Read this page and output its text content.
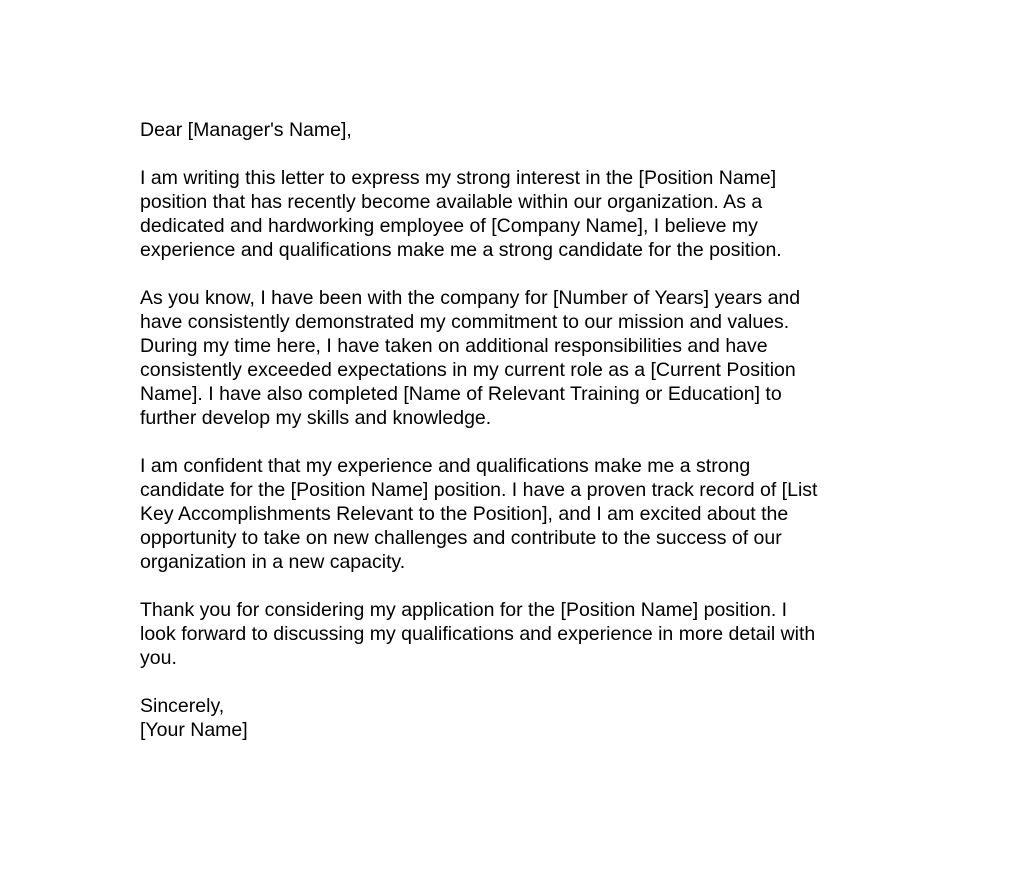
Dear [Manager's Name],
I am writing this letter to express my strong interest in the [Position Name]
position that has recently become available within our organization. As a
dedicated and hardworking employee of [Company Name], I believe my
experience and qualifications make me a strong candidate for the position.
As you know, I have been with the company for [Number of Years] years and
have consistently demonstrated my commitment to our mission and values.
During my time here, I have taken on additional responsibilities and have
consistently exceeded expectations in my current role as a [Current Position
Name]. I have also completed [Name of Relevant Training or Education] to
further develop my skills and knowledge.
I am confident that my experience and qualifications make me a strong
candidate for the [Position Name] position. I have a proven track record of [List
Key Accomplishments Relevant to the Position], and I am excited about the
opportunity to take on new challenges and contribute to the success of our
organization in a new capacity.
Thank you for considering my application for the [Position Name] position. I
look forward to discussing my qualifications and experience in more detail with
you.
Sincerely,
[Your Name]
